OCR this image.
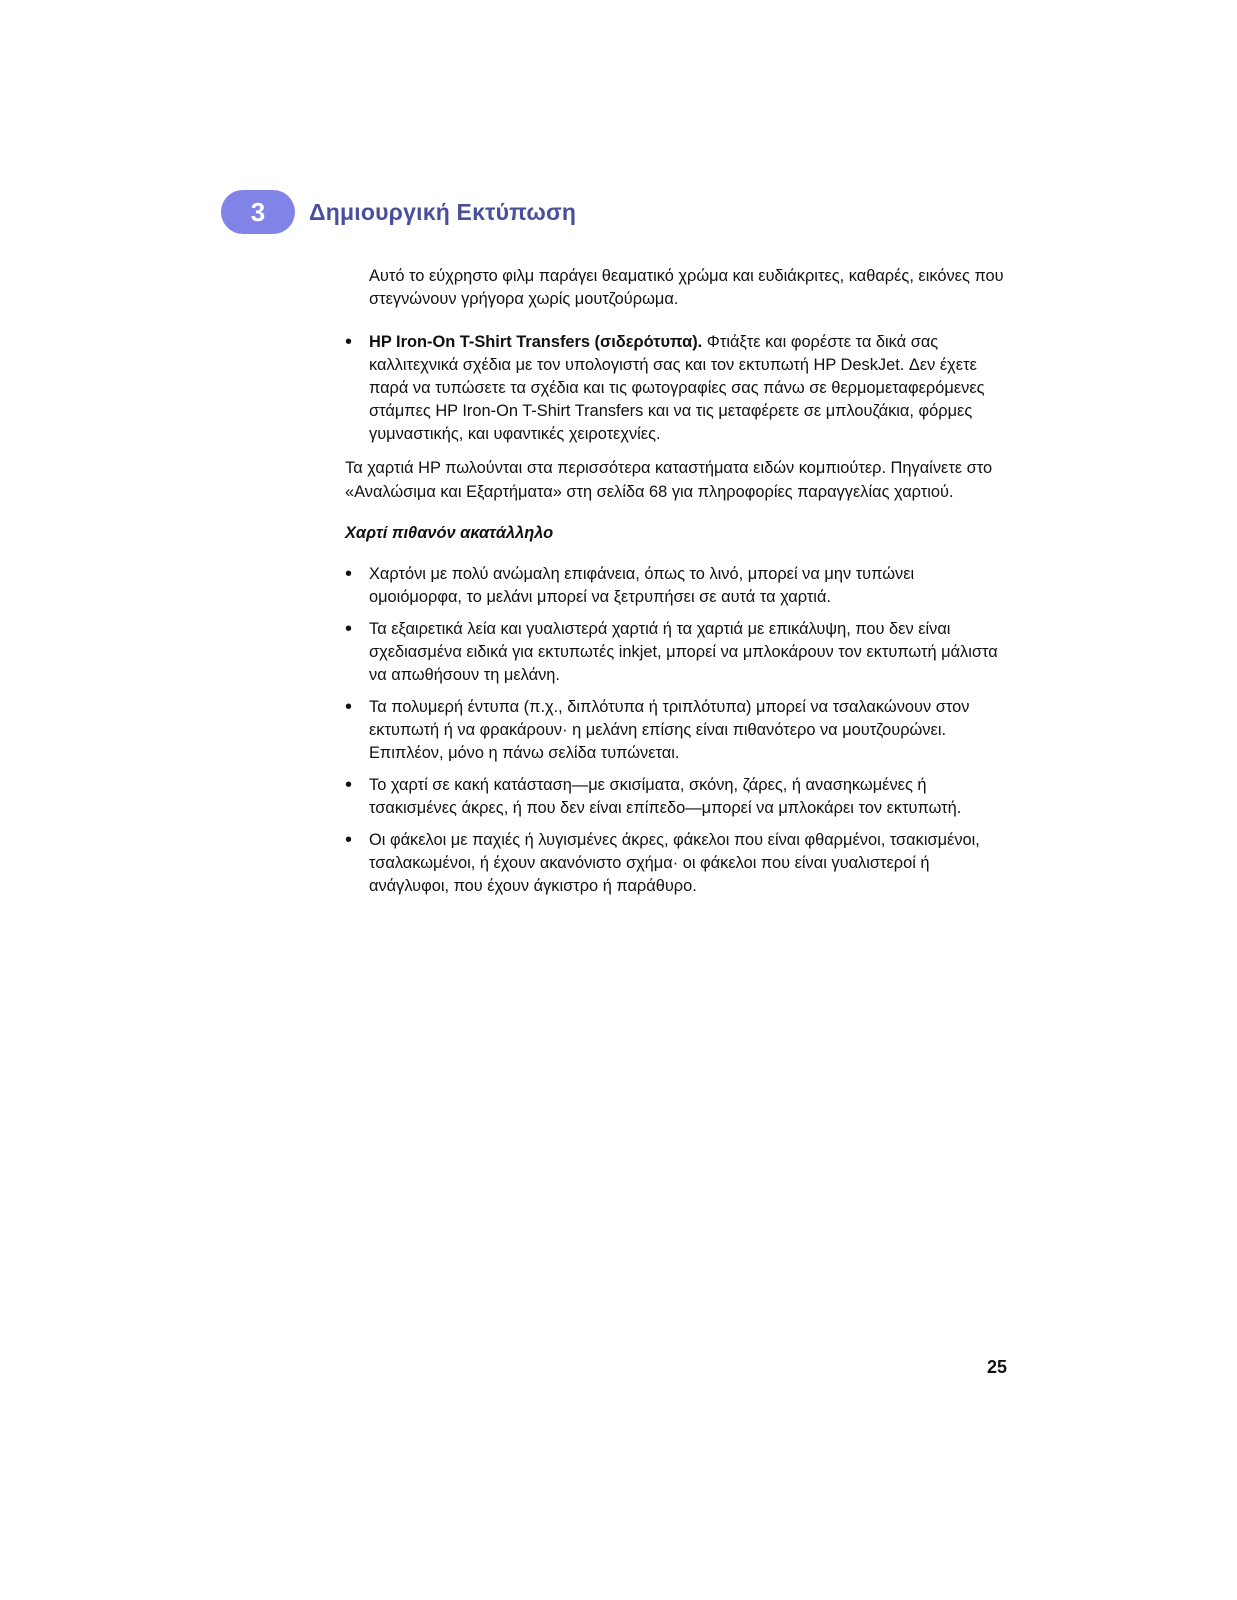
3	Δημιουργική Εκτύπωση

Αυτό το εύχρηστο φιλμ παράγει θεαματικό χρώμα και ευδιάκριτες, καθαρές, εικόνες που στεγνώνουν γρήγορα χωρίς μουτζούρωμα.

• HP Iron-On T-Shirt Transfers (σιδερότυπα). Φτιάξτε και φορέστε τα δικά σας καλλιτεχνικά σχέδια με τον υπολογιστή σας και τον εκτυπωτή HP DeskJet. Δεν έχετε παρά να τυπώσετε τα σχέδια και τις φωτογραφίες σας πάνω σε θερμομεταφερόμενες στάμπες HP Iron-On T-Shirt Transfers και να τις μεταφέρετε σε μπλουζάκια, φόρμες γυμναστικής, και υφαντικές χειροτεχνίες.

Τα χαρτιά HP πωλούνται στα περισσότερα καταστήματα ειδών κομπιούτερ. Πηγαίνετε στο «Αναλώσιμα και Εξαρτήματα» στη σελίδα 68 για πληροφορίες παραγγελίας χαρτιού.

Χαρτί πιθανόν ακατάλληλο

• Χαρτόνι με πολύ ανώμαλη επιφάνεια, όπως το λινό, μπορεί να μην τυπώνει ομοιόμορφα, το μελάνι μπορεί να ξετρυπήσει σε αυτά τα χαρτιά.
• Τα εξαιρετικά λεία και γυαλιστερά χαρτιά ή τα χαρτιά με επικάλυψη, που δεν είναι σχεδιασμένα ειδικά για εκτυπωτές inkjet, μπορεί να μπλοκάρουν τον εκτυπωτή μάλιστα να απωθήσουν τη μελάνη.
• Τα πολυμερή έντυπα (π.χ., διπλότυπα ή τριπλότυπα) μπορεί να τσαλακώνουν στον εκτυπωτή ή να φρακάρουν· η μελάνη επίσης είναι πιθανότερο να μουτζουρώνει. Επιπλέον, μόνο η πάνω σελίδα τυπώνεται.
• Το χαρτί σε κακή κατάσταση—με σκισίματα, σκόνη, ζάρες, ή ανασηκωμένες ή τσακισμένες άκρες, ή που δεν είναι επίπεδο—μπορεί να μπλοκάρει τον εκτυπωτή.
• Οι φάκελοι με παχιές ή λυγισμένες άκρες, φάκελοι που είναι φθαρμένοι, τσακισμένοι, τσαλακωμένοι, ή έχουν ακανόνιστο σχήμα· οι φάκελοι που είναι γυαλιστεροί ή ανάγλυφοι, που έχουν άγκιστρο ή παράθυρο.
25
